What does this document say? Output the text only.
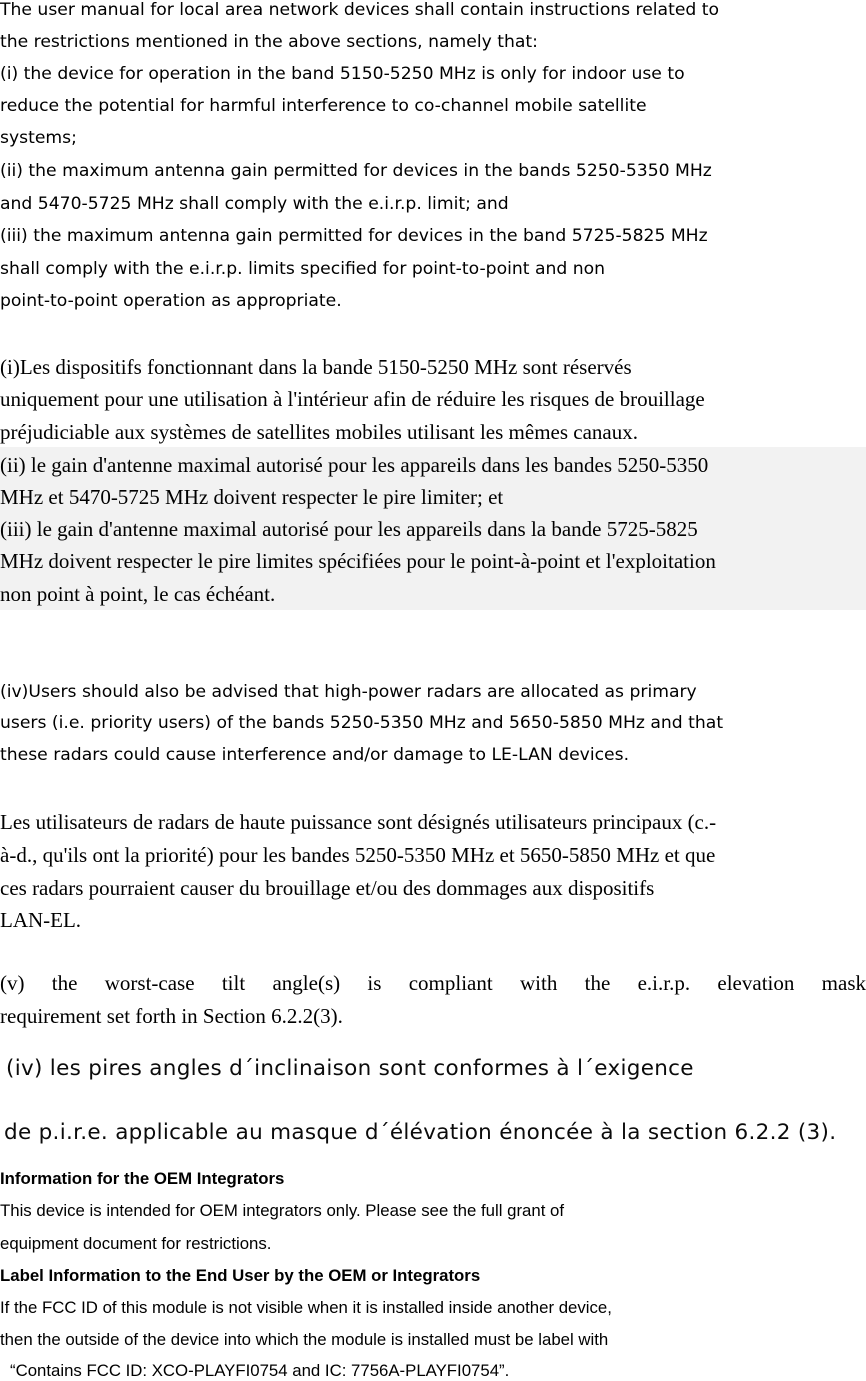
The user manual for local area network devices shall contain instructions related to
the restrictions mentioned in the above sections, namely that:
(i) the device for operation in the band 5150-5250 MHz is only for indoor use to
reduce the potential for harmful interference to co-channel mobile satellite
systems;
(ii) the maximum antenna gain permitted for devices in the bands 5250-5350 MHz
and 5470-5725 MHz shall comply with the e.i.r.p. limit; and
(iii) the maximum antenna gain permitted for devices in the band 5725-5825 MHz
shall comply with the e.i.r.p. limits specified for point-to-point and non
point-to-point operation as appropriate.
(i)Les dispositifs fonctionnant dans la bande 5150-5250 MHz sont réservés
uniquement pour une utilisation à l'intérieur afin de réduire les risques de brouillage
préjudiciable aux systèmes de satellites mobiles utilisant les mêmes canaux.
(ii) le gain d'antenne maximal autorisé pour les appareils dans les bandes 5250-5350
MHz et 5470-5725 MHz doivent respecter le pire limiter; et
(iii) le gain d'antenne maximal autorisé pour les appareils dans la bande 5725-5825
MHz doivent respecter le pire limites spécifiées pour le point-à-point et l'exploitation
non point à point, le cas échéant.
(iv)Users should also be advised that high-power radars are allocated as primary
users (i.e. priority users) of the bands 5250-5350 MHz and 5650-5850 MHz and that
these radars could cause interference and/or damage to LE-LAN devices.
Les utilisateurs de radars de haute puissance sont désignés utilisateurs principaux (c.-
à-d., qu'ils ont la priorité) pour les bandes 5250-5350 MHz et 5650-5850 MHz et que
ces radars pourraient causer du brouillage et/ou des dommages aux dispositifs
LAN-EL.
(v) the worst-case tilt angle(s) is compliant with the e.i.r.p. elevation mask
requirement set forth in Section 6.2.2(3).
(iv) les pires angles d´inclinaison sont conformes à l´exigence
de p.i.r.e. applicable au masque d´élévation énoncée à la section 6.2.2 (3).
Information for the OEM Integrators
This device is intended for OEM integrators only. Please see the full grant of
equipment document for restrictions.
Label Information to the End User by the OEM or Integrators
If the FCC ID of this module is not visible when it is installed inside another device,
then the outside of the device into which the module is installed must be label with
“Contains FCC ID: XCO-PLAYFI0754 and IC: 7756A-PLAYFI0754”.
